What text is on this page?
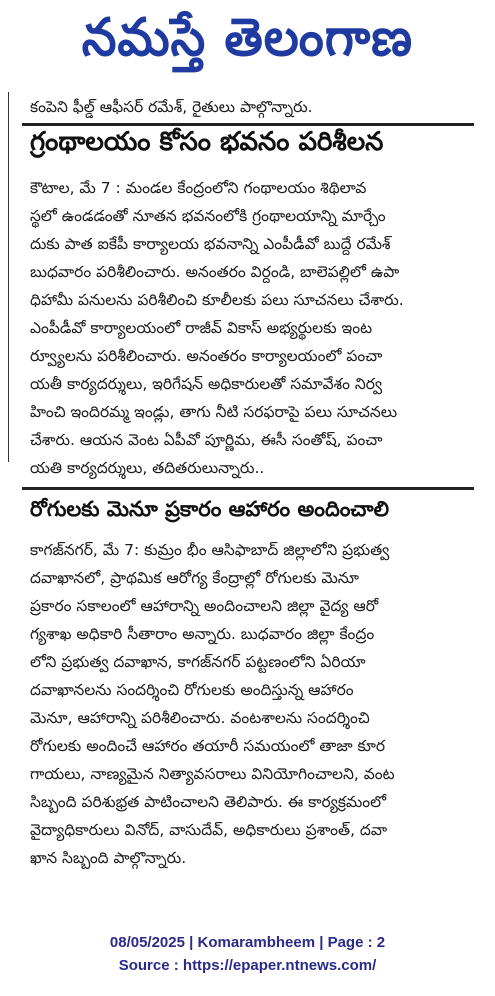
నమస్తే తెలంగాణ
కంపెని ఫీల్డ్ ఆఫీసర్ రమేశ్, రైతులు పాల్గొన్నారు.
గ్రంథాలయం కోసం భవనం పరిశీలన
కౌటాల, మే 7 : మండల కేంద్రంలోని గంథాలయం శిథిలావ
స్థలో ఉండడంతో నూతన భవనంలోకి గ్రంథాలయాన్ని మార్చేం
దుకు పాత ఐకేపీ కార్యాలయ భవనాన్ని ఎంపీడీవో బుద్దే రమేశ్
బుధవారం పరిశీలించారు. అనంతరం విర్దండి, బాలెపల్లిలో ఉపా
ధిహామీ పనులను పరిశీలించి కూలీలకు పలు సూచనలు చేశారు.
ఎంపీడీవో కార్యాలయంలో రాజీవ్ వికాస్ అభ్యర్థులకు ఇంట
ర్వ్యూలను పరిశీలించారు. అనంతరం కార్యాలయంలో పంచా
యతీ కార్యదర్శులు, ఇరిగేషన్ అధికారులతో సమావేశం నిర్వ
హించి ఇందిరమ్మ ఇండ్లు, తాగు నీటి సరఫరాపై పలు సూచనలు
చేశారు. ఆయన వెంట ఏపీవో పూర్ణిమ, ఈసీ సంతోష్, పంచా
యతి కార్యదర్శులు, తదితరులున్నారు..
రోగులకు మెనూ ప్రకారం ఆహారం అందించాలి
కాగజ్‌నగర్, మే 7: కుమ్రం భీం ఆసిఫాబాద్ జిల్లాలోని ప్రభుత్వ
దవాఖానలో, ప్రాథమిక ఆరోగ్య కేంద్రాల్లో రోగులకు మెనూ
ప్రకారం సకాలంలో ఆహారాన్ని అందించాలని జిల్లా వైద్య ఆరో
గ్యశాఖ అధికారి సీతారాం అన్నారు. బుధవారం జిల్లా కేంద్రం
లోని ప్రభుత్వ దవాఖాన, కాగజ్‌నగర్ పట్టణంలోని ఏరియా
దవాఖానలను సందర్శించి రోగులకు అందిస్తున్న ఆహారం
మెనూ, ఆహారాన్ని పరిశీలించారు. వంటశాలను సందర్శించి
రోగులకు అందించే ఆహారం తయారీ సమయంలో తాజా కూర
గాయలు, నాణ్యమైన నిత్యావసరాలు వినియోగించాలని, వంట
సిబ్బంది పరిశుభ్రత పాటించాలని తెలిపారు. ఈ కార్యక్రమంలో
వైద్యాధికారులు వినోద్, వాసుదేవ్, అధికారులు ప్రశాంత్, దవా
ఖాన సిబ్బంది పాల్గొన్నారు.
08/05/2025 | Komarambheem | Page : 2
Source : https://epaper.ntnews.com/
